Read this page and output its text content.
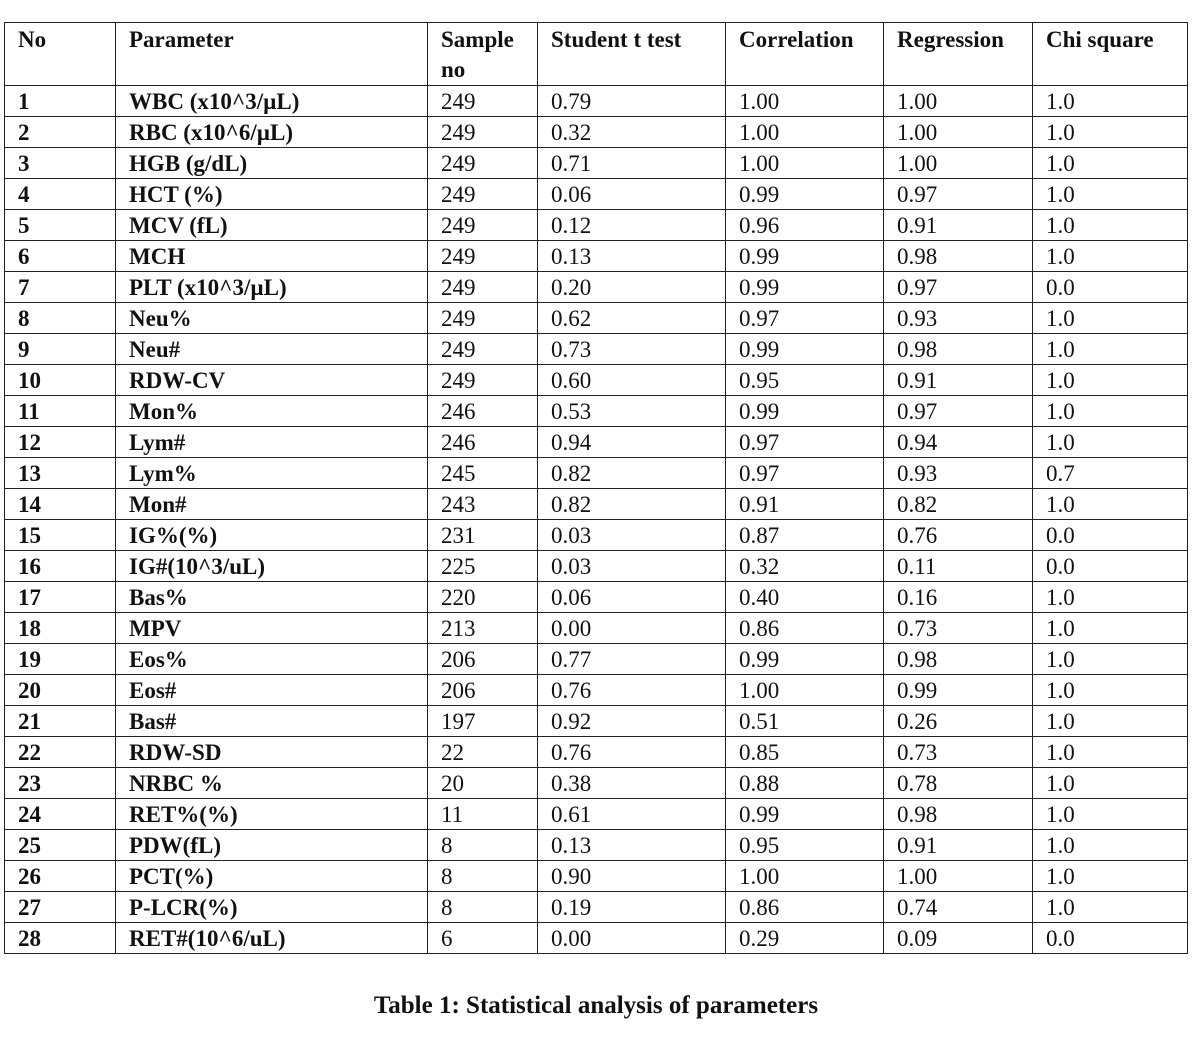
No	Parameter	Sample no	Student t test	Correlation	Regression	Chi square
1	WBC (x10^3/µL)	249	0.79	1.00	1.00	1.0
2	RBC (x10^6/µL)	249	0.32	1.00	1.00	1.0
3	HGB (g/dL)	249	0.71	1.00	1.00	1.0
4	HCT (%)	249	0.06	0.99	0.97	1.0
5	MCV (fL)	249	0.12	0.96	0.91	1.0
6	MCH	249	0.13	0.99	0.98	1.0
7	PLT (x10^3/µL)	249	0.20	0.99	0.97	0.0
8	Neu%	249	0.62	0.97	0.93	1.0
9	Neu#	249	0.73	0.99	0.98	1.0
10	RDW-CV	249	0.60	0.95	0.91	1.0
11	Mon%	246	0.53	0.99	0.97	1.0
12	Lym#	246	0.94	0.97	0.94	1.0
13	Lym%	245	0.82	0.97	0.93	0.7
14	Mon#	243	0.82	0.91	0.82	1.0
15	IG%(%)	231	0.03	0.87	0.76	0.0
16	IG#(10^3/uL)	225	0.03	0.32	0.11	0.0
17	Bas%	220	0.06	0.40	0.16	1.0
18	MPV	213	0.00	0.86	0.73	1.0
19	Eos%	206	0.77	0.99	0.98	1.0
20	Eos#	206	0.76	1.00	0.99	1.0
21	Bas#	197	0.92	0.51	0.26	1.0
22	RDW-SD	22	0.76	0.85	0.73	1.0
23	NRBC %	20	0.38	0.88	0.78	1.0
24	RET%(%)	11	0.61	0.99	0.98	1.0
25	PDW(fL)	8	0.13	0.95	0.91	1.0
26	PCT(%)	8	0.90	1.00	1.00	1.0
27	P-LCR(%)	8	0.19	0.86	0.74	1.0
28	RET#(10^6/uL)	6	0.00	0.29	0.09	0.0
Table 1: Statistical analysis of parameters
